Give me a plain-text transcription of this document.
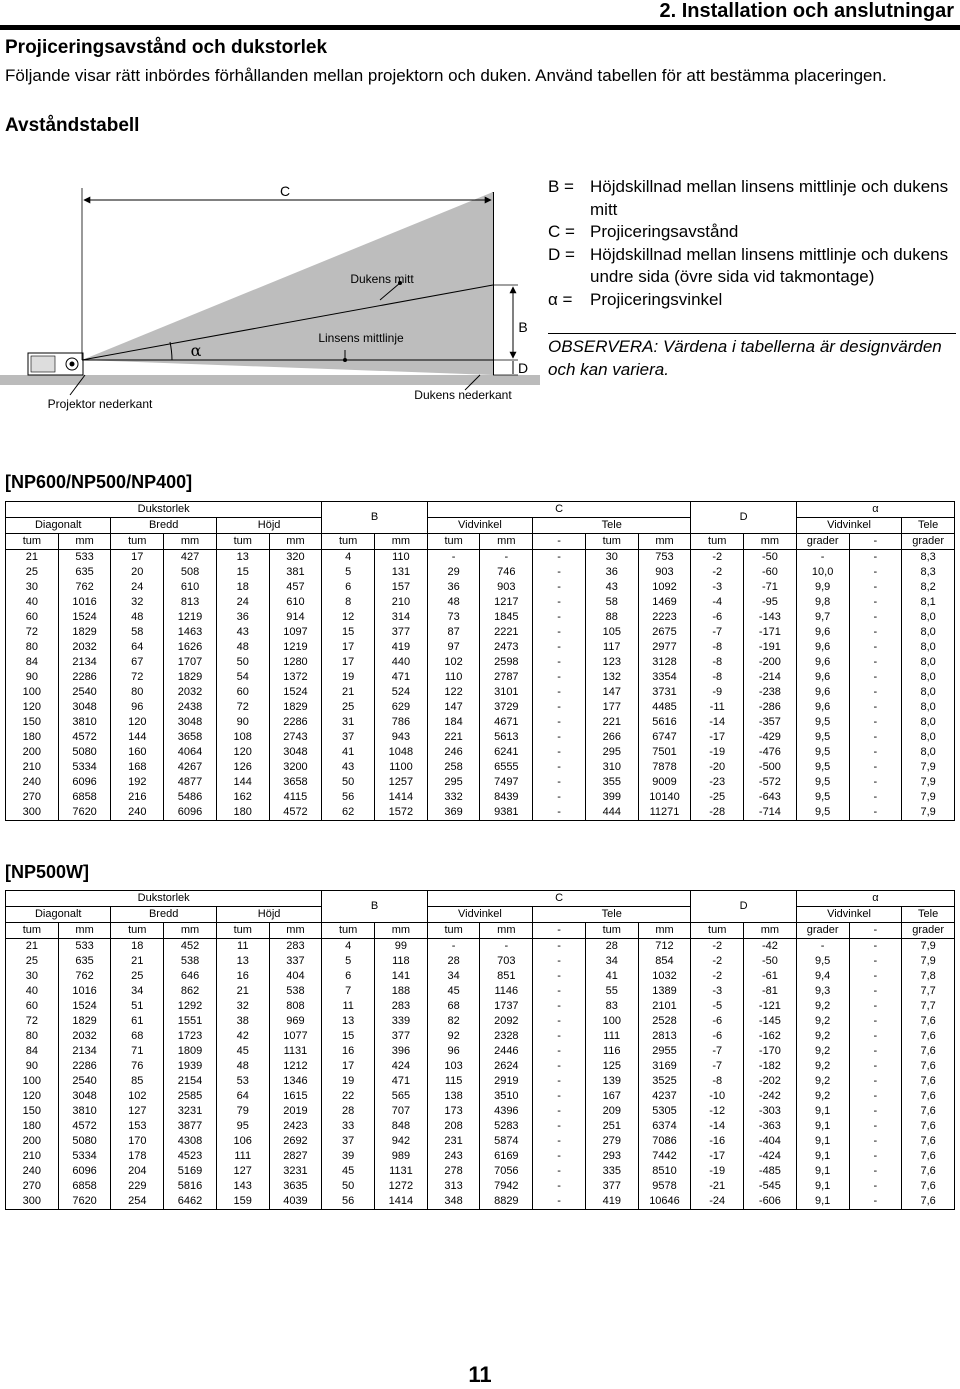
2. Installation och anslutningar
Projiceringsavstånd och dukstorlek
Följande visar rätt inbördes förhållanden mellan projektorn och duken. Använd tabellen för att bestämma placeringen.
Avståndstabell
C
B
D
α
Dukens mitt
Linsens mittlinje
Projektor nederkant
Dukens nederkant
B = Höjdskillnad mellan linsens mittlinje och dukens mitt
C = Projiceringsavstånd
D = Höjdskillnad mellan linsens mittlinje och dukens undre sida (övre sida vid takmontage)
α =	Projiceringsvinkel
OBSERVERA: Värdena i tabellerna är designvärden och kan variera.
[NP600/NP500/NP400]
Dukstorlek						B		C					D		α		
Diagonalt		Bredd		Höjd				Vidvinkel		Tele					Vidvinkel		Tele
tum	mm	tum	mm	tum	mm	tum	mm	tum	mm	-	tum	mm	tum	mm	grader	-	grader
21	533	17	427	13	320	4	110	-	-	-	30	753	-2	-50	-	-	8,3
25	635	20	508	15	381	5	131	29	746	-	36	903	-2	-60	10,0	-	8,3
30	762	24	610	18	457	6	157	36	903	-	43	1092	-3	-71	9,9	-	8,2
40	1016	32	813	24	610	8	210	48	1217	-	58	1469	-4	-95	9,8	-	8,1
60	1524	48	1219	36	914	12	314	73	1845	-	88	2223	-6	-143	9,7	-	8,0
72	1829	58	1463	43	1097	15	377	87	2221	-	105	2675	-7	-171	9,6	-	8,0
80	2032	64	1626	48	1219	17	419	97	2473	-	117	2977	-8	-191	9,6	-	8,0
84	2134	67	1707	50	1280	17	440	102	2598	-	123	3128	-8	-200	9,6	-	8,0
90	2286	72	1829	54	1372	19	471	110	2787	-	132	3354	-8	-214	9,6	-	8,0
100	2540	80	2032	60	1524	21	524	122	3101	-	147	3731	-9	-238	9,6	-	8,0
120	3048	96	2438	72	1829	25	629	147	3729	-	177	4485	-11	-286	9,6	-	8,0
150	3810	120	3048	90	2286	31	786	184	4671	-	221	5616	-14	-357	9,5	-	8,0
180	4572	144	3658	108	2743	37	943	221	5613	-	266	6747	-17	-429	9,5	-	8,0
200	5080	160	4064	120	3048	41	1048	246	6241	-	295	7501	-19	-476	9,5	-	8,0
210	5334	168	4267	126	3200	43	1100	258	6555	-	310	7878	-20	-500	9,5	-	7,9
240	6096	192	4877	144	3658	50	1257	295	7497	-	355	9009	-23	-572	9,5	-	7,9
270	6858	216	5486	162	4115	56	1414	332	8439	-	399	10140	-25	-643	9,5	-	7,9
300	7620	240	6096	180	4572	62	1572	369	9381	-	444	11271	-28	-714	9,5	-	7,9
[NP500W]
Dukstorlek						B		C					D		α		
Diagonalt		Bredd		Höjd				Vidvinkel		Tele					Vidvinkel		Tele
tum	mm	tum	mm	tum	mm	tum	mm	tum	mm	-	tum	mm	tum	mm	grader	-	grader
21	533	18	452	11	283	4	99	-	-	-	28	712	-2	-42	-	-	7,9
25	635	21	538	13	337	5	118	28	703	-	34	854	-2	-50	9,5	-	7,9
30	762	25	646	16	404	6	141	34	851	-	41	1032	-2	-61	9,4	-	7,8
40	1016	34	862	21	538	7	188	45	1146	-	55	1389	-3	-81	9,3	-	7,7
60	1524	51	1292	32	808	11	283	68	1737	-	83	2101	-5	-121	9,2	-	7,7
72	1829	61	1551	38	969	13	339	82	2092	-	100	2528	-6	-145	9,2	-	7,6
80	2032	68	1723	42	1077	15	377	92	2328	-	111	2813	-6	-162	9,2	-	7,6
84	2134	71	1809	45	1131	16	396	96	2446	-	116	2955	-7	-170	9,2	-	7,6
90	2286	76	1939	48	1212	17	424	103	2624	-	125	3169	-7	-182	9,2	-	7,6
100	2540	85	2154	53	1346	19	471	115	2919	-	139	3525	-8	-202	9,2	-	7,6
120	3048	102	2585	64	1615	22	565	138	3510	-	167	4237	-10	-242	9,2	-	7,6
150	3810	127	3231	79	2019	28	707	173	4396	-	209	5305	-12	-303	9,1	-	7,6
180	4572	153	3877	95	2423	33	848	208	5283	-	251	6374	-14	-363	9,1	-	7,6
200	5080	170	4308	106	2692	37	942	231	5874	-	279	7086	-16	-404	9,1	-	7,6
210	5334	178	4523	111	2827	39	989	243	6169	-	293	7442	-17	-424	9,1	-	7,6
240	6096	204	5169	127	3231	45	1131	278	7056	-	335	8510	-19	-485	9,1	-	7,6
270	6858	229	5816	143	3635	50	1272	313	7942	-	377	9578	-21	-545	9,1	-	7,6
300	7620	254	6462	159	4039	56	1414	348	8829	-	419	10646	-24	-606	9,1	-	7,6
11
